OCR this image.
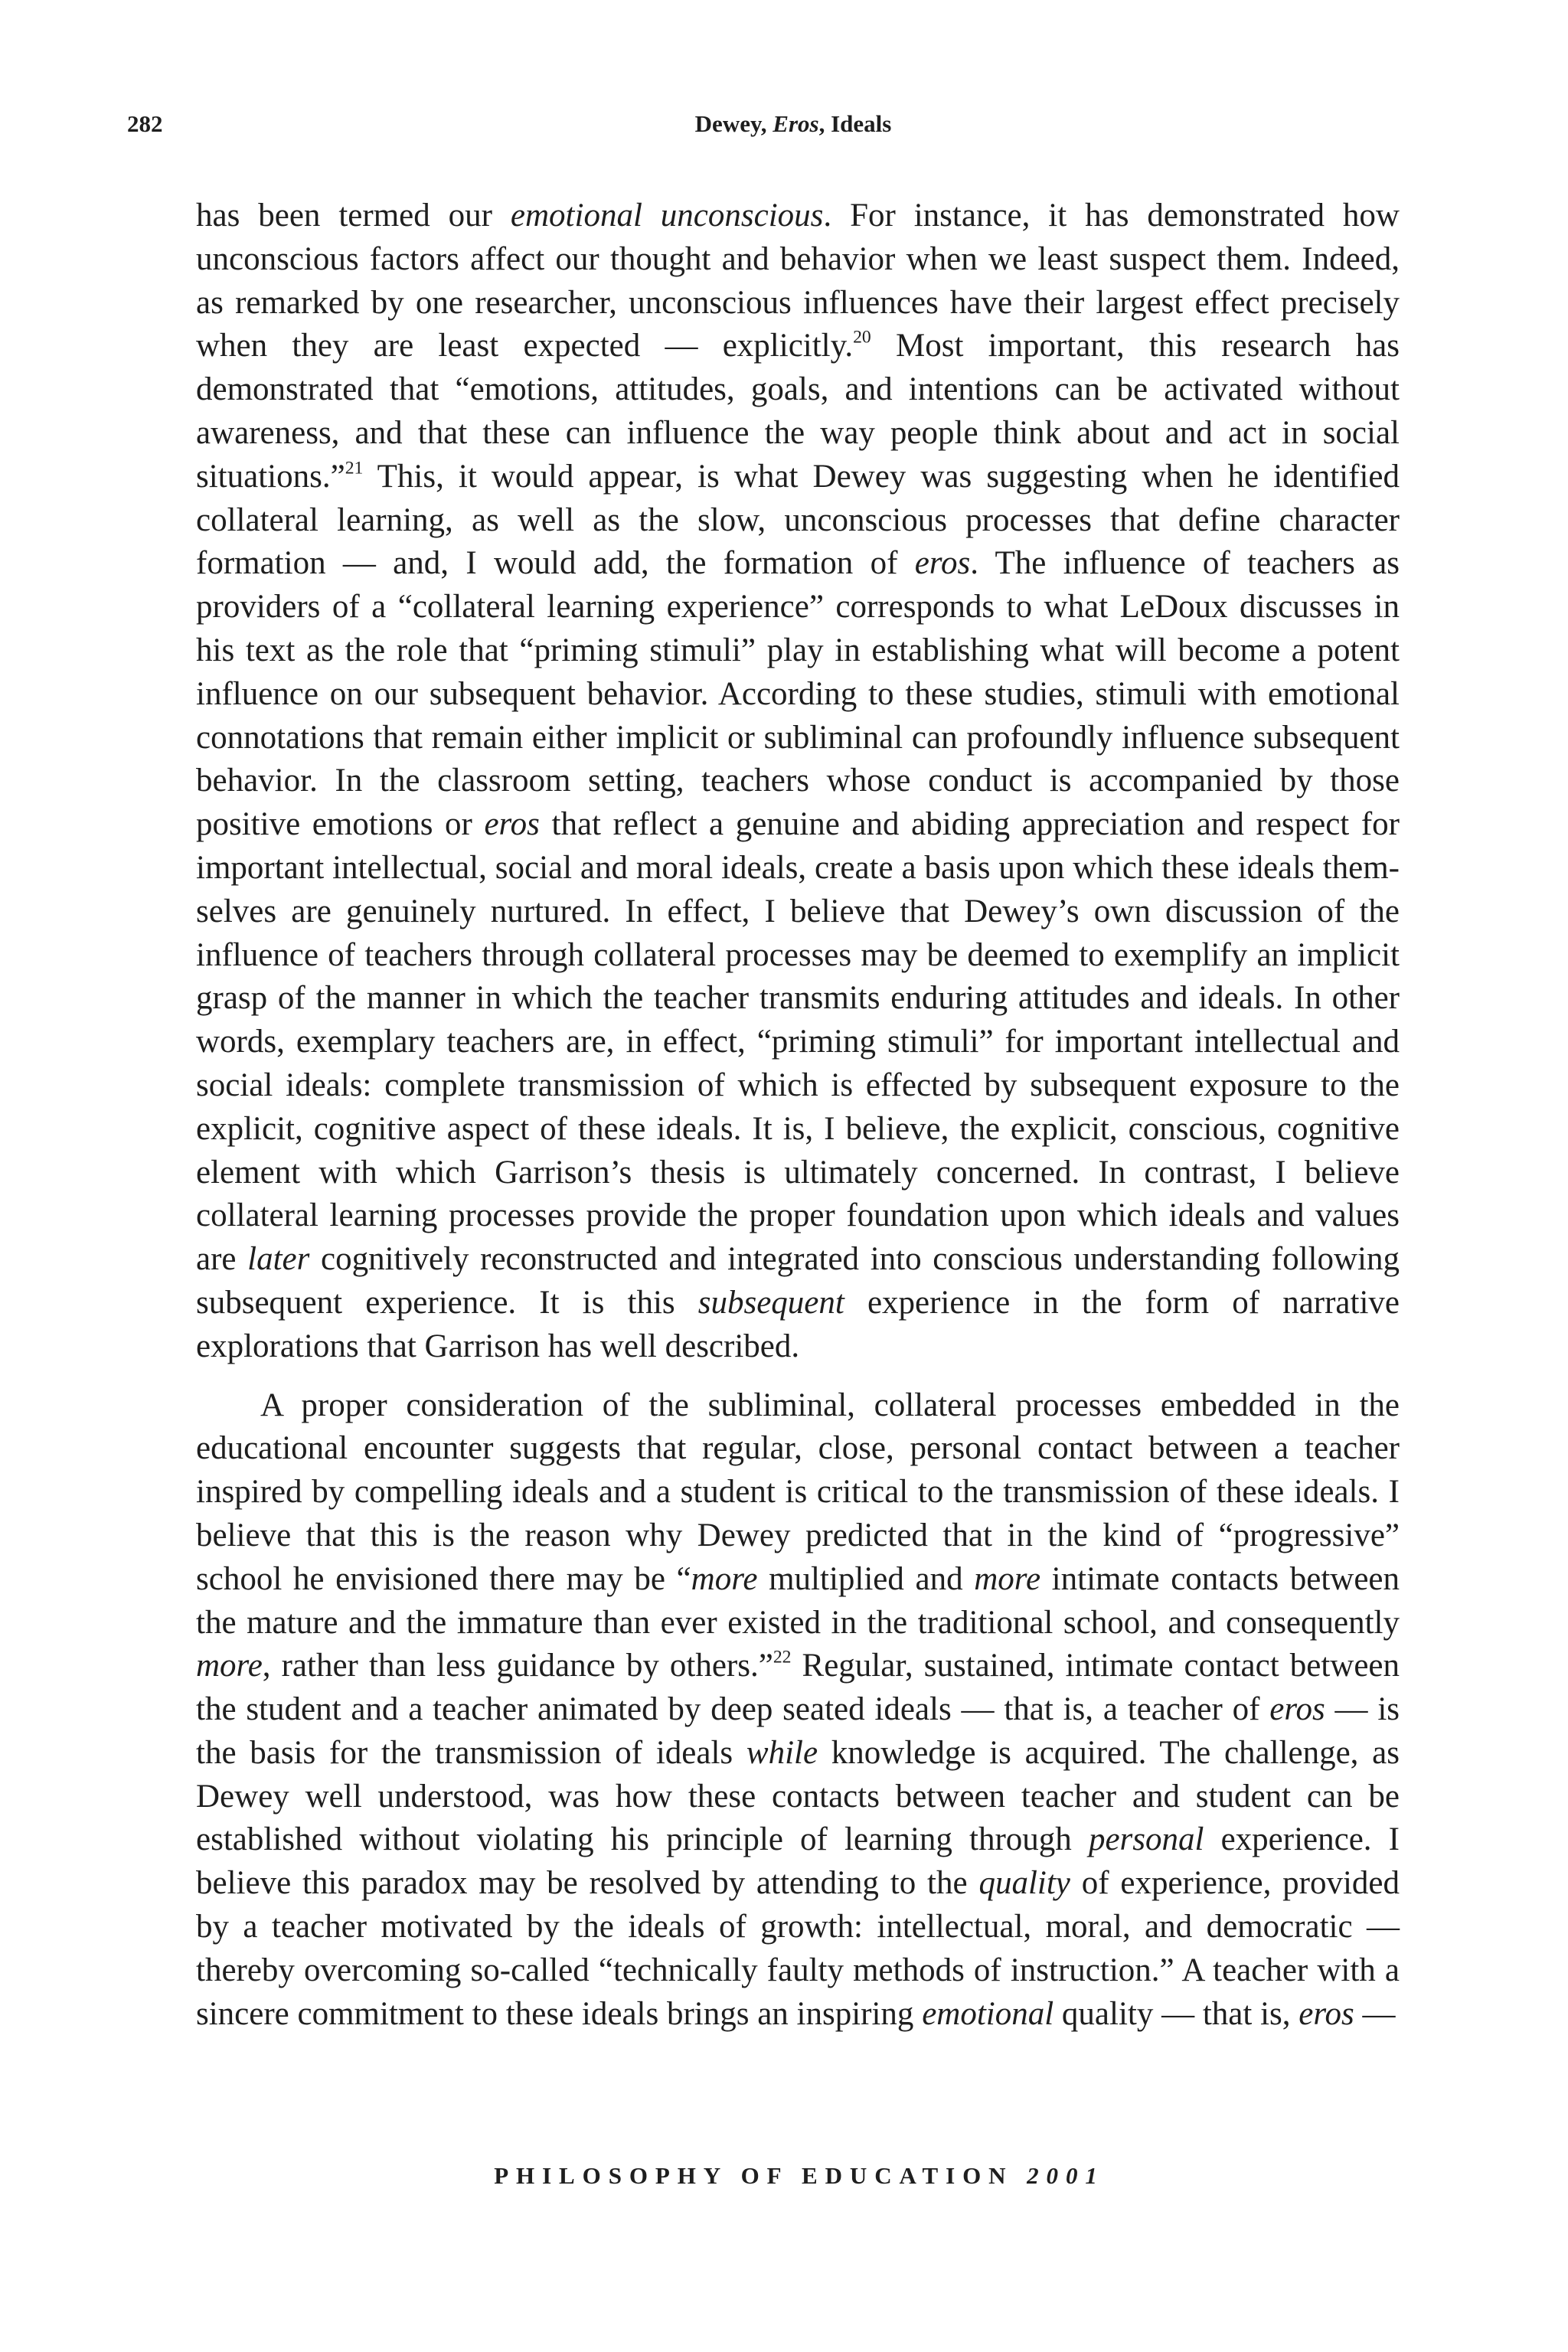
282	Dewey, Eros, Ideals

has been termed our emotional unconscious. For instance, it has demonstrated how unconscious factors affect our thought and behavior when we least suspect them. Indeed, as remarked by one researcher, unconscious influences have their largest effect precisely when they are least expected — explicitly.$^{20}$ Most important, this research has demonstrated that “emotions, attitudes, goals, and intentions can be activated without awareness, and that these can influence the way people think about and act in social situations.”$^{21}$ This, it would appear, is what Dewey was suggesting when he identified collateral learning, as well as the slow, unconscious processes that define character formation — and, I would add, the formation of eros. The influence of teachers as providers of a “collateral learning experience” corresponds to what LeDoux discusses in his text as the role that “priming stimuli” play in establishing what will become a potent influence on our subsequent behavior. According to these studies, stimuli with emotional connotations that remain either implicit or subliminal can profoundly influence subsequent behavior. In the classroom setting, teachers whose conduct is accompanied by those positive emotions or eros that reflect a genuine and abiding appreciation and respect for important intellectual, social and moral ideals, create a basis upon which these ideals themselves are genuinely nurtured. In effect, I believe that Dewey’s own discussion of the influence of teachers through collateral processes may be deemed to exemplify an implicit grasp of the manner in which the teacher transmits enduring attitudes and ideals. In other words, exemplary teachers are, in effect, “priming stimuli” for important intellectual and social ideals: complete transmission of which is effected by subsequent exposure to the explicit, cognitive aspect of these ideals. It is, I believe, the explicit, conscious, cognitive element with which Garrison’s thesis is ultimately concerned. In contrast, I believe collateral learning processes provide the proper foundation upon which ideals and values are later cognitively reconstructed and integrated into conscious understanding following subsequent experience. It is this subsequent experience in the form of narrative explorations that Garrison has well described.

A proper consideration of the subliminal, collateral processes embedded in the educational encounter suggests that regular, close, personal contact between a teacher inspired by compelling ideals and a student is critical to the transmission of these ideals. I believe that this is the reason why Dewey predicted that in the kind of “progressive” school he envisioned there may be “more multiplied and more intimate contacts between the mature and the immature than ever existed in the traditional school, and consequently more, rather than less guidance by others.”$^{22}$ Regular, sustained, intimate contact between the student and a teacher animated by deep seated ideals — that is, a teacher of eros — is the basis for the transmission of ideals while knowledge is acquired. The challenge, as Dewey well understood, was how these contacts between teacher and student can be established without violating his principle of learning through personal experience. I believe this paradox may be resolved by attending to the quality of experience, provided by a teacher motivated by the ideals of growth: intellectual, moral, and democratic — thereby overcoming so-called “technically faulty methods of instruction.” A teacher with a sincere commitment to these ideals brings an inspiring emotional quality — that is, eros —

PHILOSOPHY OF EDUCATION 2001
